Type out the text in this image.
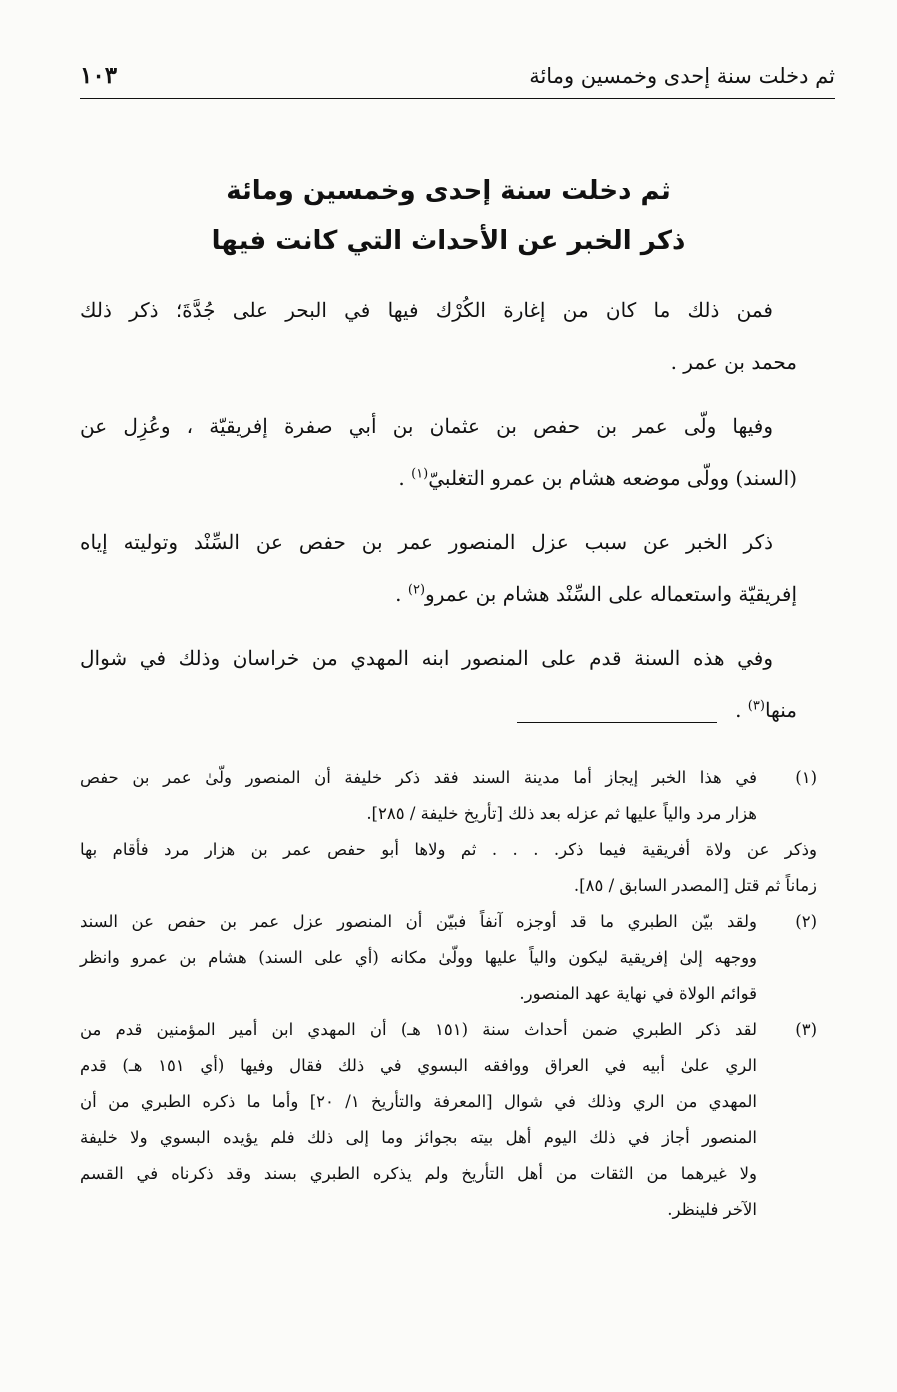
ثم دخلت سنة إحدى وخمسين ومائة
١٠٣
ثم دخلت سنة إحدى وخمسين ومائة
ذكر الخبر عن الأحداث التي كانت فيها

فمن ذلك ما كان من إغارة الكُرْك فيها في البحر على جُدَّةَ؛ ذكر ذلك
محمد بن عمر .

وفيها ولّى عمر بن حفص بن عثمان بن أبي صفرة إفريقيّة ، وعُزِل عن
(السند) وولّى موضعه هشام بن عمرو التغلبيّ$^{(١)}$ .

ذكر الخبر عن سبب عزل المنصور عمر بن حفص عن السِّنْد وتوليته إياه
إفريقيّة واستعماله على السِّنْد هشام بن عمرو$^{(٢)}$ .

وفي هذه السنة قدم على المنصور ابنه المهدي من خراسان وذلك في شوال
منها$^{(٣)}$ .

(١)
في هذا الخبر إيجاز أما مدينة السند فقد ذكر خليفة أن المنصور ولّىٰ عمر بن حفص
هزار مرد والياً عليها ثم عزله بعد ذلك [تأريخ خليفة / ٢٨٥].
وذكر عن ولاة أفريقية فيما ذكر. . . . ثم ولاها أبو حفص عمر بن هزار مرد فأقام بها
زماناً ثم قتل [المصدر السابق / ٨٥].
(٢)
ولقد بيّن الطبري ما قد أوجزه آنفاً فبيّن أن المنصور عزل عمر بن حفص عن السند
ووجهه إلىٰ إفريقية ليكون والياً عليها وولّىٰ مكانه (أي على السند) هشام بن عمرو وانظر
قوائم الولاة في نهاية عهد المنصور.
(٣)
لقد ذكر الطبري ضمن أحداث سنة (١٥١ هـ) أن المهدي ابن أمير المؤمنين قدم من
الري علىٰ أبيه في العراق ووافقه البسوي في ذلك فقال وفيها (أي ١٥١ هـ) قدم
المهدي من الري وذلك في شوال [المعرفة والتأريخ ١/ ٢٠] وأما ما ذكره الطبري من أن
المنصور أجاز في ذلك اليوم أهل بيته بجوائز وما إلى ذلك فلم يؤيده البسوي ولا خليفة
ولا غيرهما من الثقات من أهل التأريخ ولم يذكره الطبري بسند وقد ذكرناه في القسم
الآخر فلينظر.
